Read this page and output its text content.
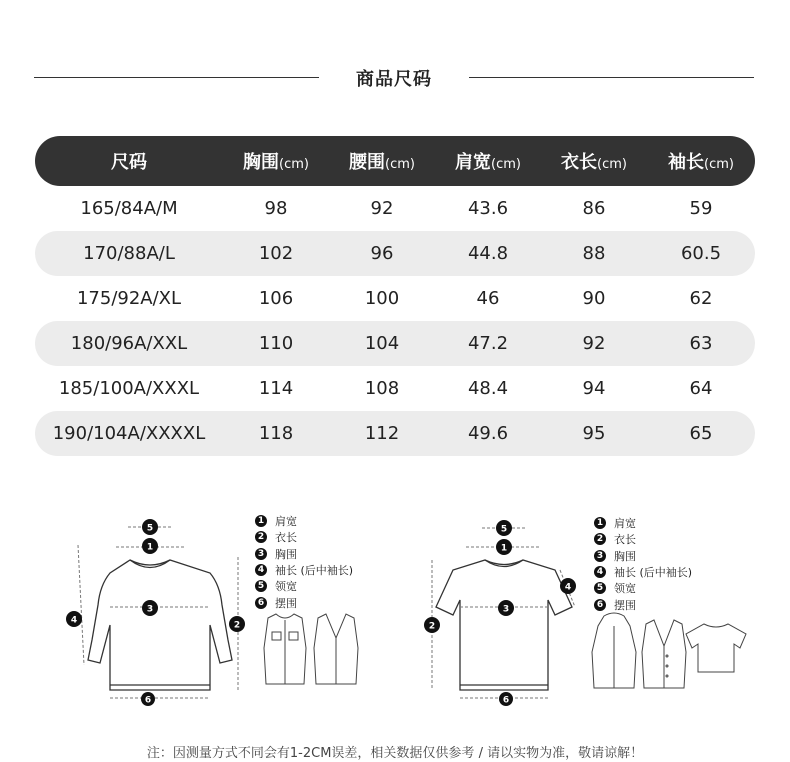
商品尺码
尺码	胸围(cm)	腰围(cm)	肩宽(cm)	衣长(cm)	袖长(cm)
165/84A/M	98	92	43.6	86	59
170/88A/L	102	96	44.8	88	60.5
175/92A/XL	106	100	46	90	62
180/96A/XXL	110	104	47.2	92	63
185/100A/XXXL	114	108	48.4	94	64
190/104A/XXXXL	118	112	49.6	95	65
5
1
3
2
4
6
1 肩宽
2 衣长
3 胸围
4 袖长 (后中袖长)
5 领宽
6 摆围
5
1
3
2
4
6
1 肩宽
2 衣长
3 胸围
4 袖长 (后中袖长)
5 领宽
6 摆围
注：因测量方式不同会有1-2CM误差，相关数据仅供参考 / 请以实物为准，敬请谅解！
